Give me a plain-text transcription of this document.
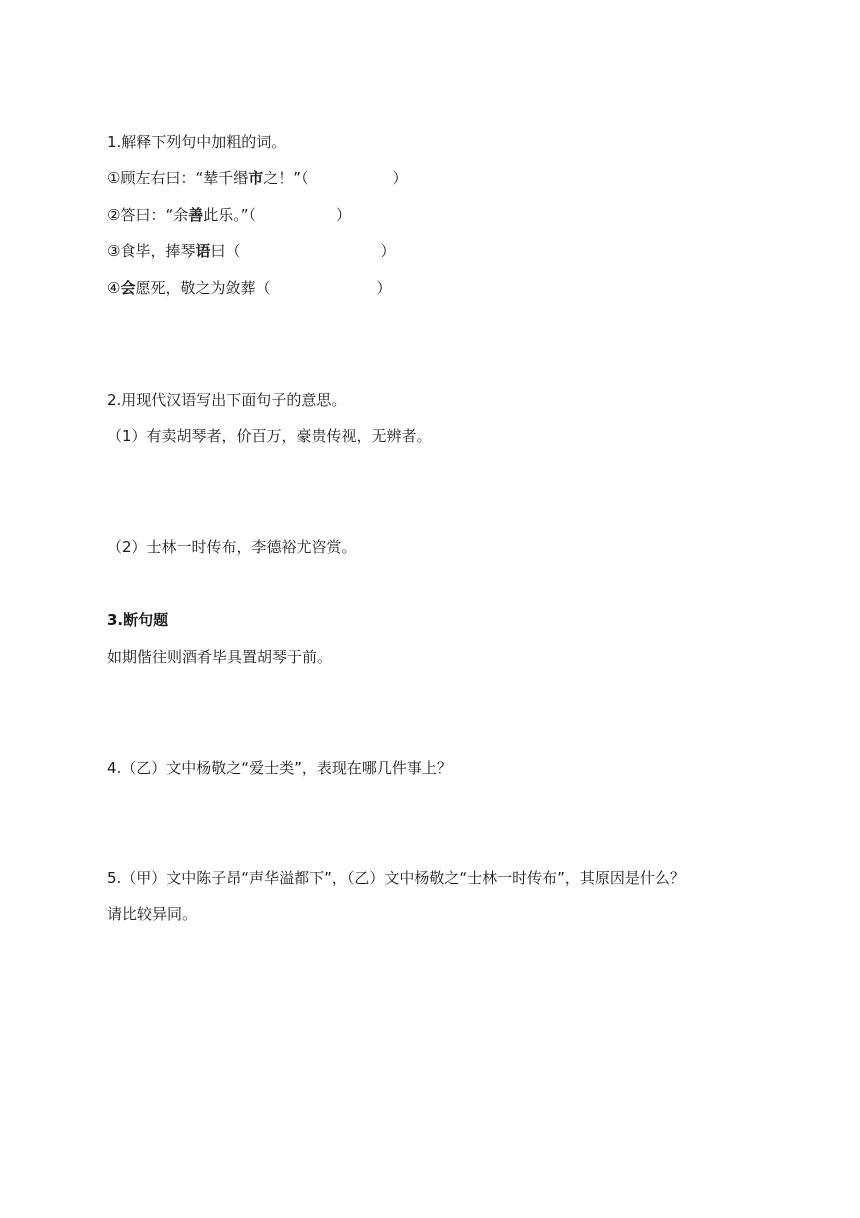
1.解释下列句中加粗的词。
①顾左右曰：“辇千缗市之！”（	）
②答曰：“余善此乐。”（	）
③食毕，捧琴语曰（	）
④会愿死，敬之为敛葬（	）
2.用现代汉语写出下面句子的意思。
（1）有卖胡琴者，价百万，豪贵传视，无辨者。
（2）士林一时传布，李德裕尤咨赏。
3.断句题
如期偕往则酒肴毕具置胡琴于前。
4.（乙）文中杨敬之“爱士类”，表现在哪几件事上？
5.（甲）文中陈子昂“声华溢都下”，（乙）文中杨敬之“士林一时传布”，其原因是什么？
请比较异同。
